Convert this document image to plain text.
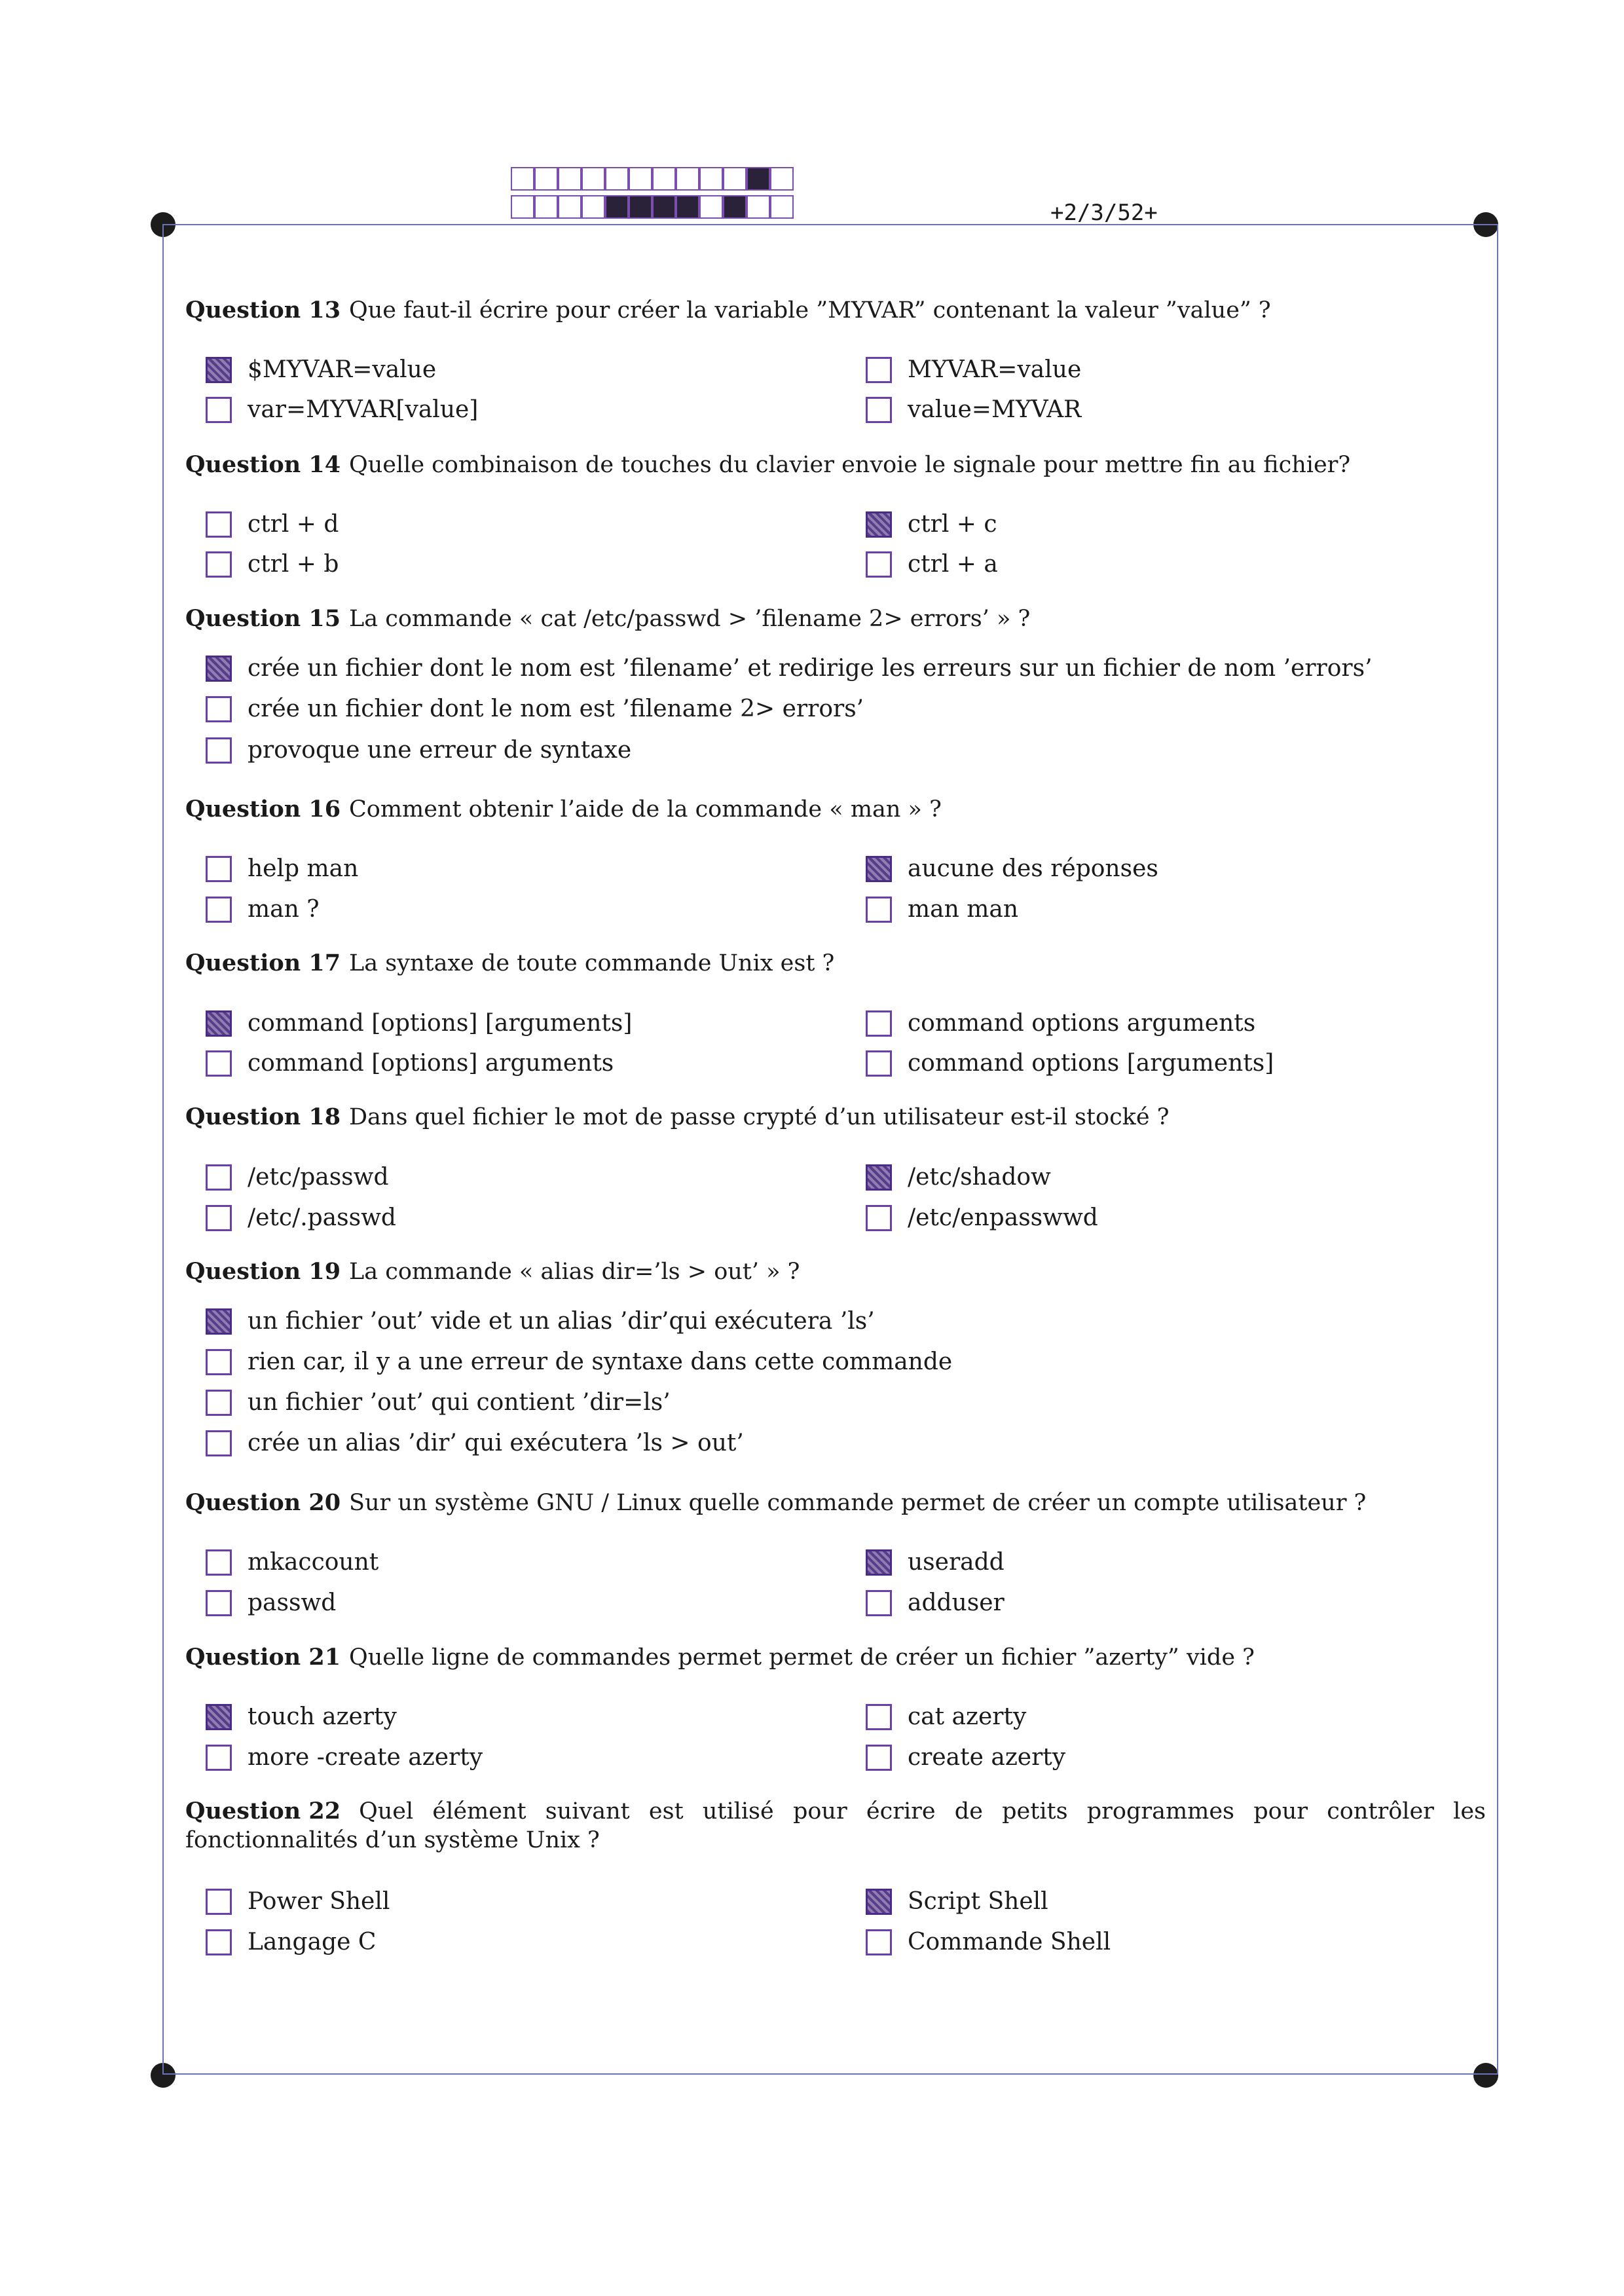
+2/3/52+
Question 13 Que faut-il écrire pour créer la variable ”MYVAR” contenant la valeur ”value” ?
$MYVAR=value	MYVAR=value
var=MYVAR[value]	value=MYVAR
Question 14 Quelle combinaison de touches du clavier envoie le signale pour mettre fin au fichier?
ctrl + d	ctrl + c
ctrl + b	ctrl + a
Question 15 La commande « cat /etc/passwd > ’filename 2> errors’ » ?
crée un fichier dont le nom est ’filename’ et redirige les erreurs sur un fichier de nom ’errors’
crée un fichier dont le nom est ’filename 2> errors’
provoque une erreur de syntaxe
Question 16 Comment obtenir l’aide de la commande « man » ?
help man	aucune des réponses
man ?	man man
Question 17 La syntaxe de toute commande Unix est ?
command [options] [arguments]	command options arguments
command [options] arguments	command options [arguments]
Question 18 Dans quel fichier le mot de passe crypté d’un utilisateur est-il stocké ?
/etc/passwd	/etc/shadow
/etc/.passwd	/etc/enpasswwd
Question 19 La commande « alias dir=’ls > out’ » ?
un fichier ’out’ vide et un alias ’dir’qui exécutera ’ls’
rien car, il y a une erreur de syntaxe dans cette commande
un fichier ’out’ qui contient ’dir=ls’
crée un alias ’dir’ qui exécutera ’ls > out’
Question 20 Sur un système GNU / Linux quelle commande permet de créer un compte utilisateur ?
mkaccount	useradd
passwd	adduser
Question 21 Quelle ligne de commandes permet permet de créer un fichier ”azerty” vide ?
touch azerty	cat azerty
more -create azerty	create azerty
Question 22 Quel élément suivant est utilisé pour écrire de petits programmes pour contrôler les fonctionnalités d’un système Unix ?
Power Shell	Script Shell
Langage C	Commande Shell
